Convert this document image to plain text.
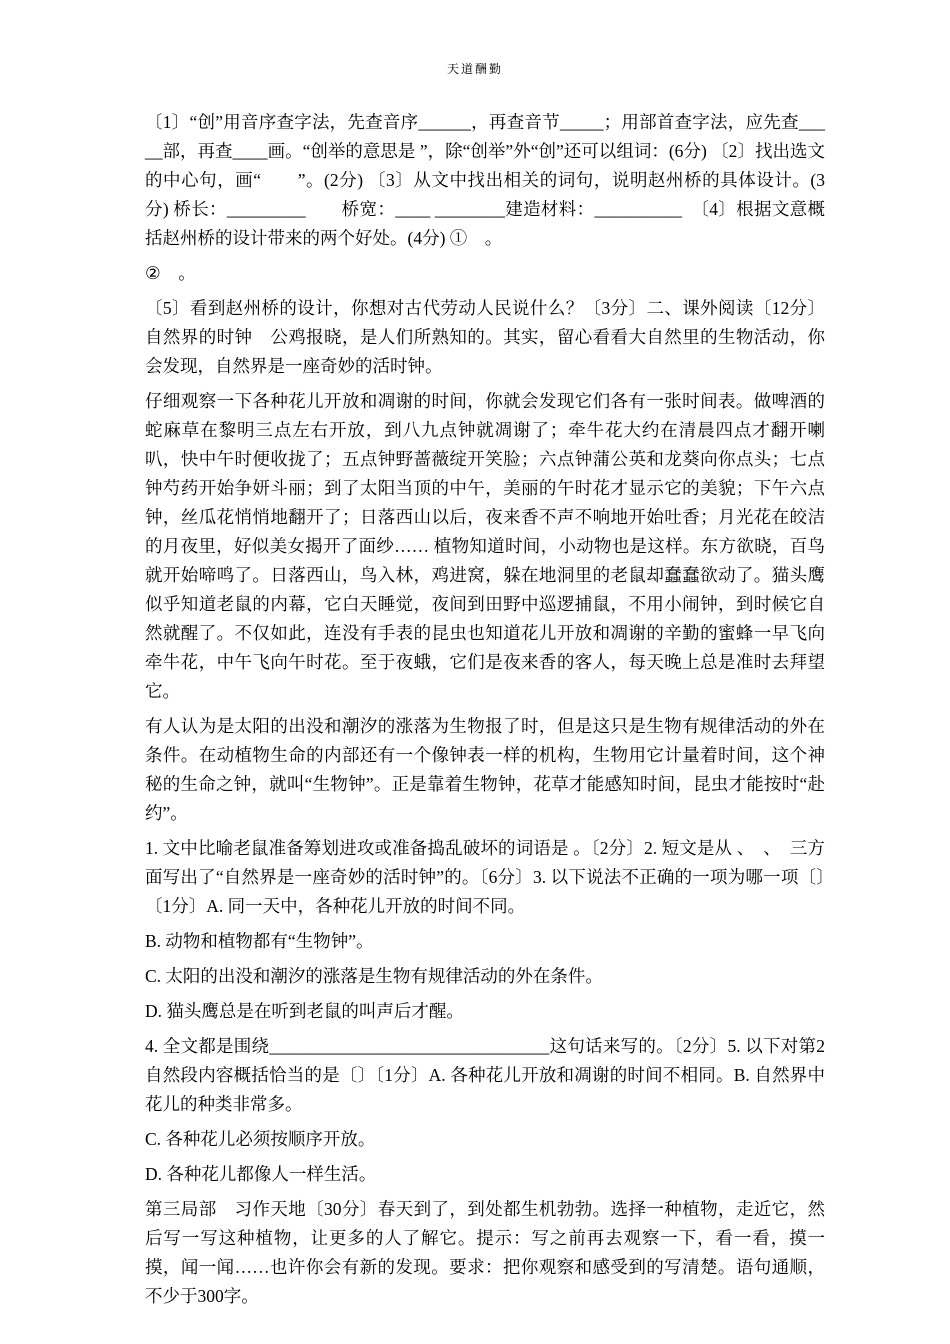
天道酬勤

〔1〕“创”用音序查字法，先查音序______，再查音节_____；用部首查字法，应先查_____部，再查____画。“创举的意思是 ”，除“创举”外“创”还可以组词：(6分) 〔2〕找出选文的中心句，画“　　”。(2分) 〔3〕从文中找出相关的词句，说明赵州桥的具体设计。(3分) 桥长：_________　　桥宽：____ ________建造材料：__________　〔4〕根据文意概括赵州桥的设计带来的两个好处。(4分) ①　。

②　。

〔5〕看到赵州桥的设计，你想对古代劳动人民说什么？〔3分〕二、课外阅读〔12分〕自然界的时钟　公鸡报晓，是人们所熟知的。其实，留心看看大自然里的生物活动，你会发现，自然界是一座奇妙的活时钟。

仔细观察一下各种花儿开放和凋谢的时间，你就会发现它们各有一张时间表。做啤酒的蛇麻草在黎明三点左右开放，到八九点钟就凋谢了；牵牛花大约在清晨四点才翻开喇叭，快中午时便收拢了；五点钟野蔷薇绽开笑脸；六点钟蒲公英和龙葵向你点头；七点钟芍药开始争妍斗丽；到了太阳当顶的中午，美丽的午时花才显示它的美貌；下午六点钟，丝瓜花悄悄地翻开了；日落西山以后，夜来香不声不响地开始吐香；月光花在皎洁的月夜里，好似美女揭开了面纱…… 植物知道时间，小动物也是这样。东方欲晓，百鸟就开始啼鸣了。日落西山，鸟入林，鸡进窝，躲在地洞里的老鼠却蠢蠢欲动了。猫头鹰似乎知道老鼠的内幕，它白天睡觉，夜间到田野中巡逻捕鼠，不用小闹钟，到时候它自然就醒了。不仅如此，连没有手表的昆虫也知道花儿开放和凋谢的辛勤的蜜蜂一早飞向牵牛花，中午飞向午时花。至于夜蛾，它们是夜来香的客人，每天晚上总是准时去拜望它。

有人认为是太阳的出没和潮汐的涨落为生物报了时，但是这只是生物有规律活动的外在条件。在动植物生命的内部还有一个像钟表一样的机构，生物用它计量着时间，这个神秘的生命之钟，就叫“生物钟”。正是靠着生物钟，花草才能感知时间，昆虫才能按时“赴约”。

1. 文中比喻老鼠准备筹划进攻或准备捣乱破坏的词语是 。〔2分〕2. 短文是从 、　、　三方面写出了“自然界是一座奇妙的活时钟”的。〔6分〕3. 以下说法不正确的一项为哪一项〔〕〔1分〕A. 同一天中，各种花儿开放的时间不同。

B. 动物和植物都有“生物钟”。

C. 太阳的出没和潮汐的涨落是生物有规律活动的外在条件。

D. 猫头鹰总是在听到老鼠的叫声后才醒。

4. 全文都是围绕________________________________这句话来写的。〔2分〕5. 以下对第2自然段内容概括恰当的是〔〕〔1分〕A. 各种花儿开放和凋谢的时间不相同。B. 自然界中花儿的种类非常多。

C. 各种花儿必须按顺序开放。

D. 各种花儿都像人一样生活。

第三局部　习作天地〔30分〕春天到了，到处都生机勃勃。选择一种植物，走近它，然后写一写这种植物，让更多的人了解它。提示：写之前再去观察一下，看一看，摸一摸，闻一闻……也许你会有新的发现。要求：把你观察和感受到的写清楚。语句通顺，不少于300字。
